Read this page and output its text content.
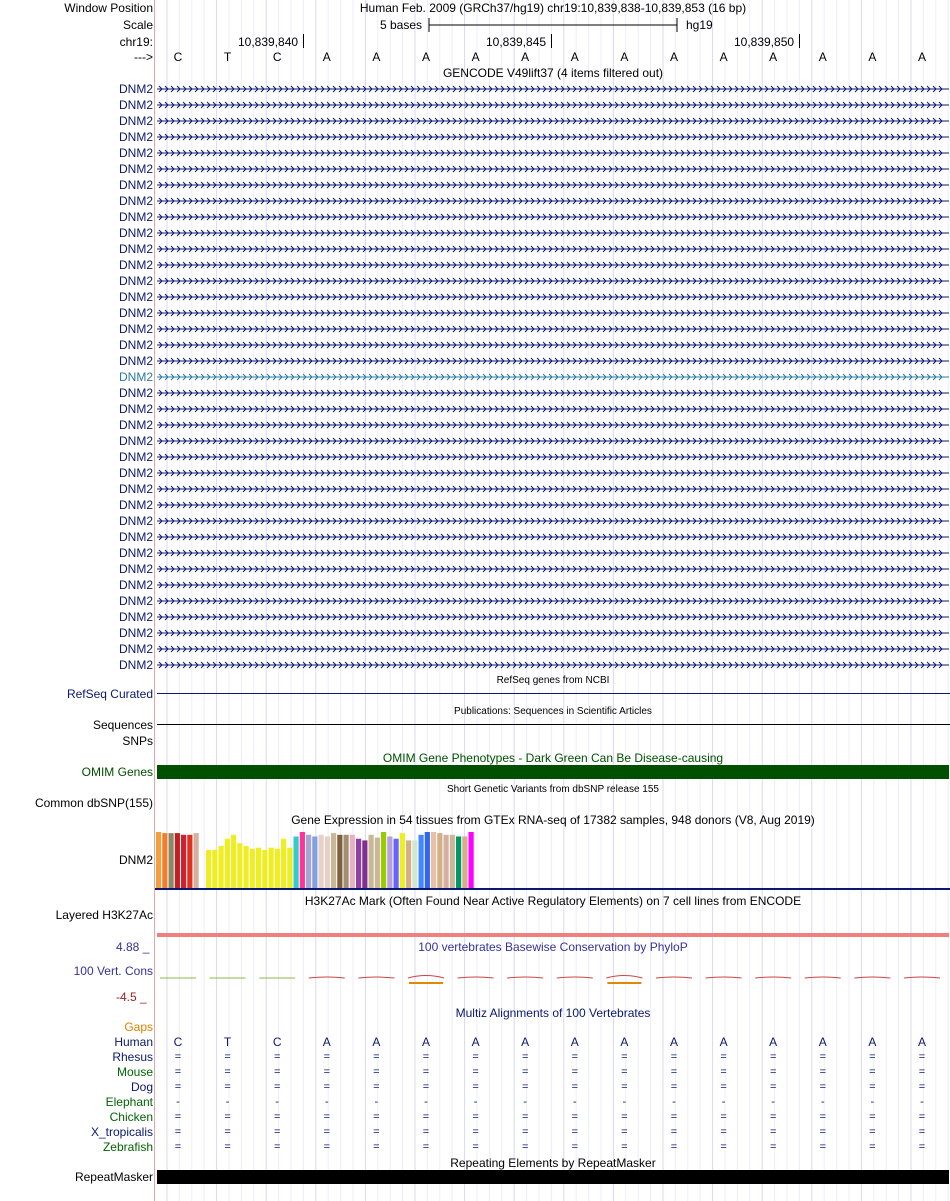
Window Position	Human Feb. 2009 (GRCh37/hg19) chr19:10,839,838-10,839,853 (16 bp)
Scale	5 bases	hg19
chr19:	10,839,840	10,839,845	10,839,850
--->	C	T	C	A	A	A	A	A	A	A	A	A	A	A	A	A
GENCODE V49lift37 (4 items filtered out)
DNM2
DNM2
DNM2
DNM2
DNM2
DNM2
DNM2
DNM2
DNM2
DNM2
DNM2
DNM2
DNM2
DNM2
DNM2
DNM2
DNM2
DNM2
DNM2
DNM2
DNM2
DNM2
DNM2
DNM2
DNM2
DNM2
DNM2
DNM2
DNM2
DNM2
DNM2
DNM2
DNM2
DNM2
DNM2
DNM2
DNM2
RefSeq genes from NCBI
RefSeq Curated
Publications: Sequences in Scientific Articles
Sequences
SNPs
OMIM Gene Phenotypes - Dark Green Can Be Disease-causing
OMIM Genes
Short Genetic Variants from dbSNP release 155
Common dbSNP(155)
Gene Expression in 54 tissues from GTEx RNA-seq of 17382 samples, 948 donors (V8, Aug 2019)
DNM2
H3K27Ac Mark (Often Found Near Active Regulatory Elements) on 7 cell lines from ENCODE
Layered H3K27Ac
4.88 _	100 vertebrates Basewise Conservation by PhyloP
100 Vert. Cons
-4.5 _
Multiz Alignments of 100 Vertebrates
Gaps
Human	C	T	C	A	A	A	A	A	A	A	A	A	A	A	A	A
Rhesus	=	=	=	=	=	=	=	=	=	=	=	=	=	=	=	=
Mouse	=	=	=	=	=	=	=	=	=	=	=	=	=	=	=	=
Dog	=	=	=	=	=	=	=	=	=	=	=	=	=	=	=	=
Elephant	-	-	-	-	-	-	-	-	-	-	-	-	-	-	-	-
Chicken	=	=	=	=	=	=	=	=	=	=	=	=	=	=	=	=
X_tropicalis	=	=	=	=	=	=	=	=	=	=	=	=	=	=	=	=
Zebrafish	=	=	=	=	=	=	=	=	=	=	=	=	=	=	=	=
Repeating Elements by RepeatMasker
RepeatMasker
